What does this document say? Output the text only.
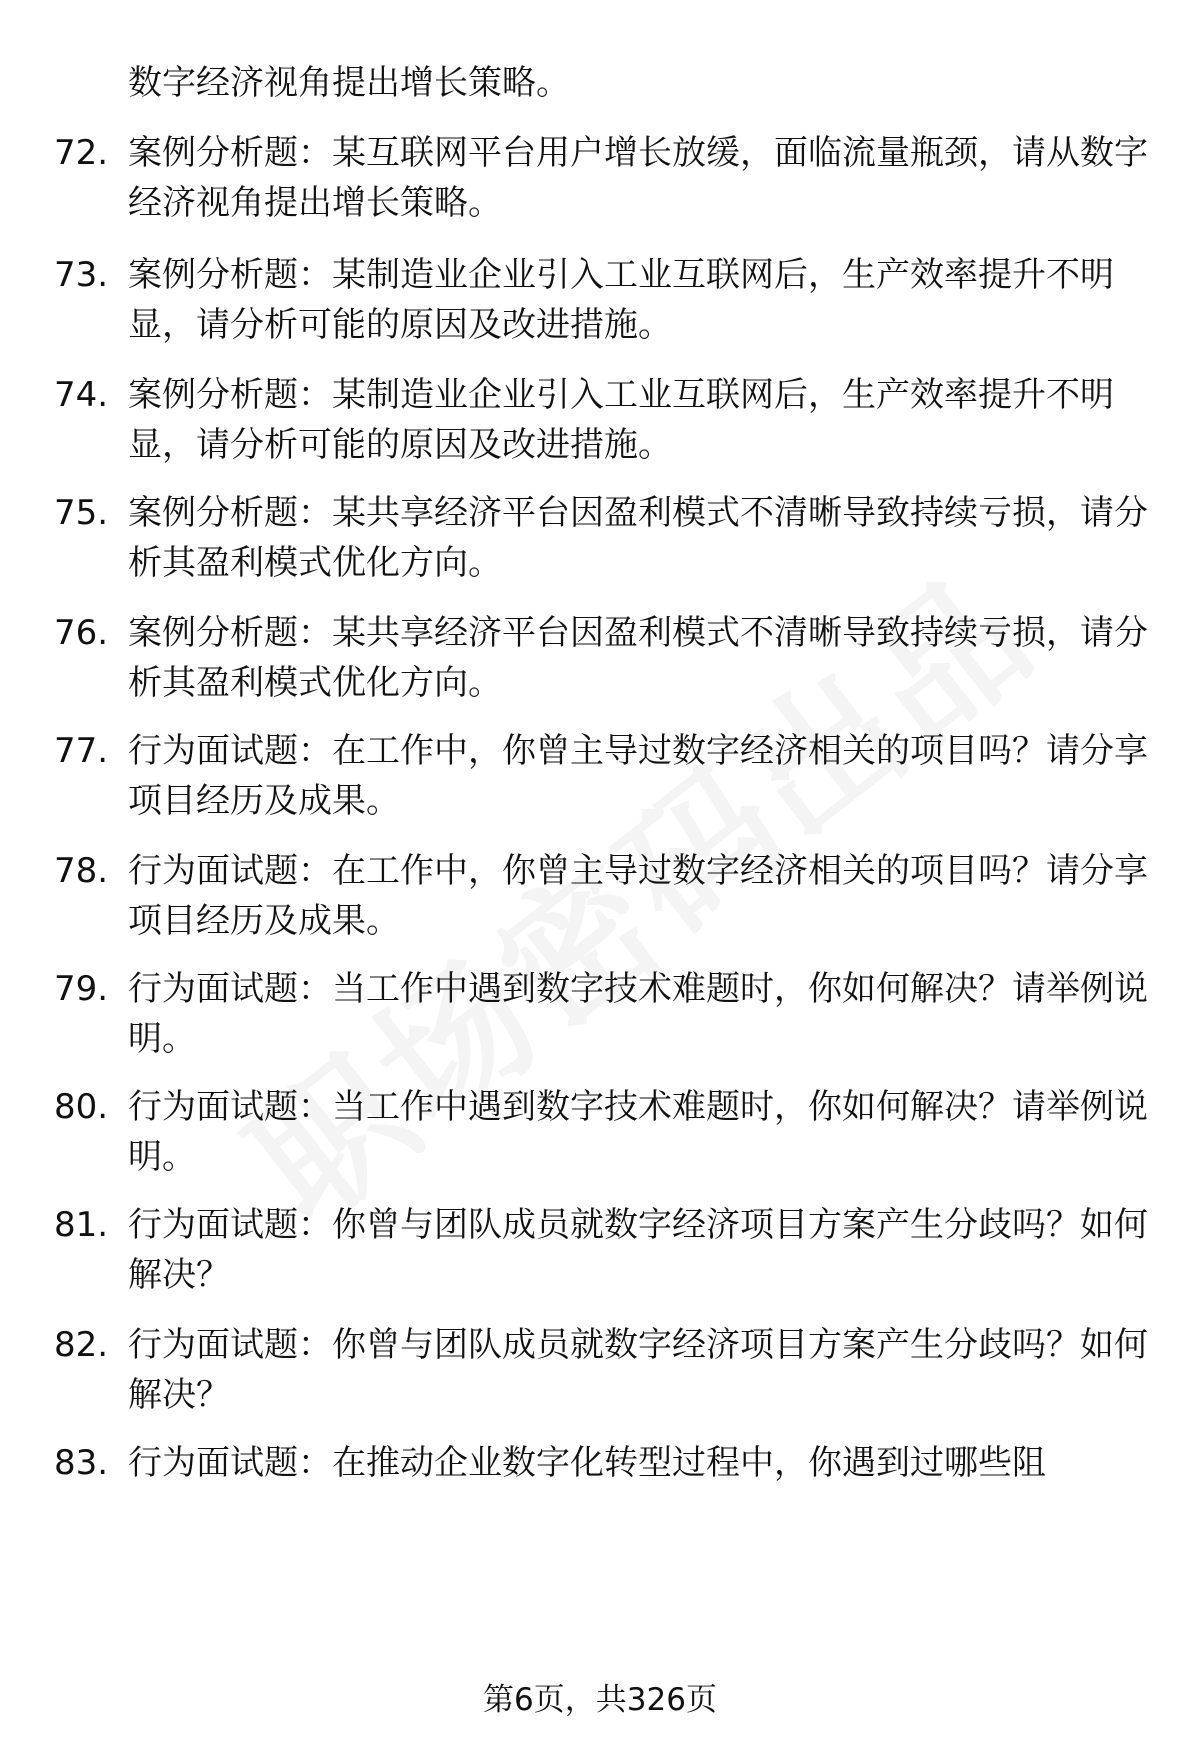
数字经济视角提出增长策略。
72. 案例分析题：某互联网平台用户增长放缓，面临流量瓶颈，请从数字经济视角提出增长策略。
73. 案例分析题：某制造业企业引入工业互联网后，生产效率提升不明显，请分析可能的原因及改进措施。
74. 案例分析题：某制造业企业引入工业互联网后，生产效率提升不明显，请分析可能的原因及改进措施。
75. 案例分析题：某共享经济平台因盈利模式不清晰导致持续亏损，请分析其盈利模式优化方向。
76. 案例分析题：某共享经济平台因盈利模式不清晰导致持续亏损，请分析其盈利模式优化方向。
77. 行为面试题：在工作中，你曾主导过数字经济相关的项目吗？请分享项目经历及成果。
78. 行为面试题：在工作中，你曾主导过数字经济相关的项目吗？请分享项目经历及成果。
79. 行为面试题：当工作中遇到数字技术难题时，你如何解决？请举例说明。
80. 行为面试题：当工作中遇到数字技术难题时，你如何解决？请举例说明。
81. 行为面试题：你曾与团队成员就数字经济项目方案产生分歧吗？如何解决？
82. 行为面试题：你曾与团队成员就数字经济项目方案产生分歧吗？如何解决？
83. 行为面试题：在推动企业数字化转型过程中，你遇到过哪些阻
第6页，共326页
